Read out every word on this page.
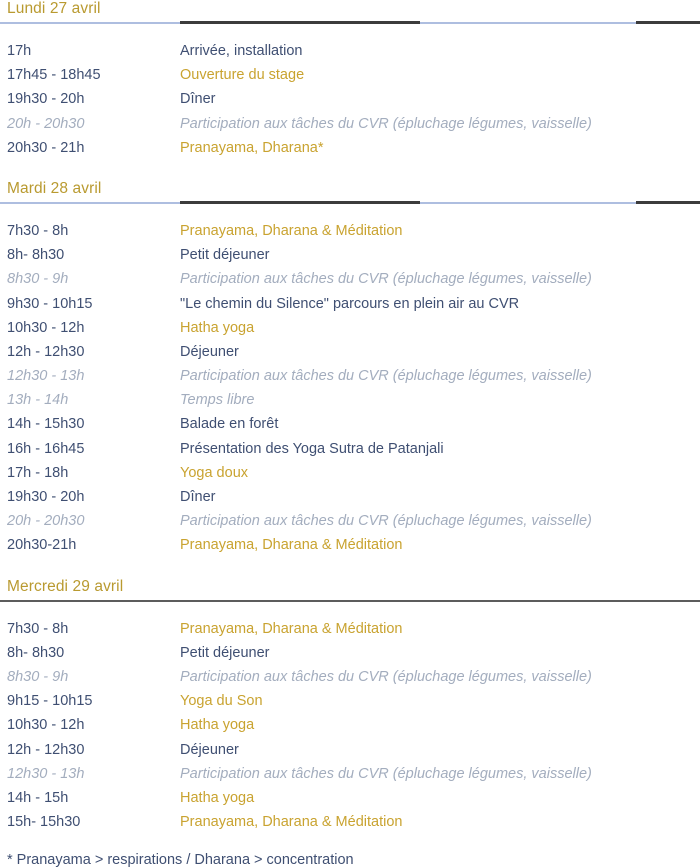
Lundi 27 avril
17h	Arrivée, installation
17h45 - 18h45	Ouverture du stage
19h30 - 20h	Dîner
20h - 20h30	Participation aux tâches du CVR (épluchage légumes, vaisselle)
20h30 - 21h	Pranayama, Dharana*
Mardi 28 avril
7h30 - 8h	Pranayama, Dharana & Méditation
8h- 8h30	Petit déjeuner
8h30 - 9h	Participation aux tâches du CVR (épluchage légumes, vaisselle)
9h30 - 10h15	"Le chemin du Silence" parcours en plein air au CVR
10h30 - 12h	Hatha yoga
12h - 12h30	Déjeuner
12h30 - 13h	Participation aux tâches du CVR (épluchage légumes, vaisselle)
13h - 14h	Temps libre
14h - 15h30	Balade en forêt
16h - 16h45	Présentation des Yoga Sutra de Patanjali
17h - 18h	Yoga doux
19h30 - 20h	Dîner
20h - 20h30	Participation aux tâches du CVR (épluchage légumes, vaisselle)
20h30-21h	Pranayama, Dharana & Méditation
Mercredi 29 avril
7h30 - 8h	Pranayama, Dharana & Méditation
8h- 8h30	Petit déjeuner
8h30 - 9h	Participation aux tâches du CVR (épluchage légumes, vaisselle)
9h15 - 10h15	Yoga du Son
10h30 - 12h	Hatha yoga
12h - 12h30	Déjeuner
12h30 - 13h	Participation aux tâches du CVR (épluchage légumes, vaisselle)
14h - 15h	Hatha yoga
15h- 15h30	Pranayama, Dharana & Méditation
* Pranayama > respirations / Dharana > concentration
